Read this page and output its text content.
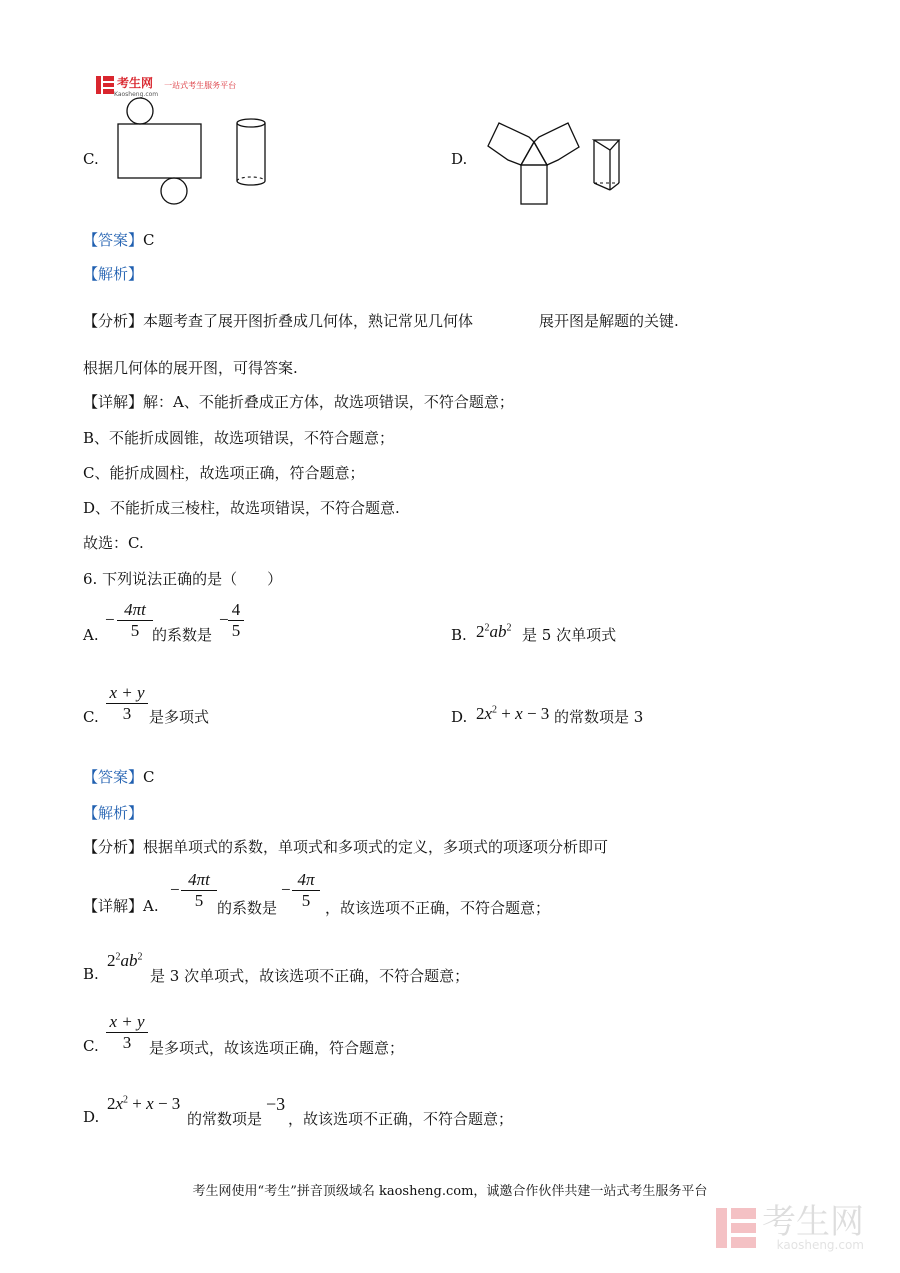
考生网
Kaosheng.com
一站式考生服务平台
C.	D.
【答案】C
【解析】
【分析】本题考查了展开图折叠成几何体，熟记常见几何体	展开图是解题的关键.
根据几何体的展开图，可得答案.
【详解】解：A、不能折叠成正方体，故选项错误，不符合题意；
B、不能折成圆锥，故选项错误，不符合题意；
C、能折成圆柱，故选项正确，符合题意；
D、不能折成三棱柱，故选项错误，不符合题意.
故选：C.
6. 下列说法正确的是（　　）
A.
−
4πt
5 的系数是
−
4
5	B. $2^2ab^2$ 是 5 次单项式
C.
x + y
3	是多项式	D. $2x^2 + x - 3$ 的常数项是 3
【答案】C
【解析】
【分析】根据单项式的系数，单项式和多项式的定义，多项式的项逐项分析即可
【详解】A.
−
4πt
5 的系数是
−
4π
5 ，故该选项不正确，不符合题意；
B.
$2^2ab^2$
是 3 次单项式，故该选项不正确，不符合题意；
C.
x + y
3	是多项式，故该选项正确，符合题意；
D.
$2x^2 + x - 3$
的常数项是
−3
，故该选项不正确，不符合题意；
考生网使用“考生”拼音顶级域名 kaosheng.com，诚邀合作伙伴共建一站式考生服务平台
考生网
kaosheng.com
